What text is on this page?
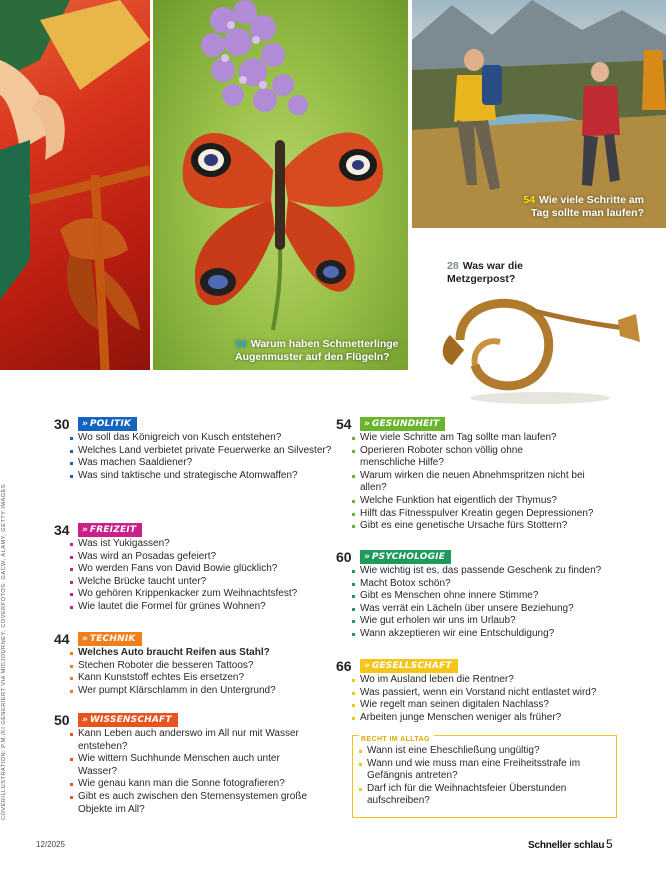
16 Warum haben Schmetterlinge Augenmuster auf den Flügeln?
54 Wie viele Schritte am Tag sollte man laufen?
28 Was war die Metzgerpost?
COVERILLUSTRATION: P.M./KI GENERIERT VIA MIDJOURNEY; COVERFOTOS: GACW, ALAMY, GETTY IMAGES
30	» POLITIK
Wo soll das Königreich von Kusch entstehen?
Welches Land verbietet private Feuerwerke an Silvester?
Was machen Saaldiener?
Was sind taktische und strategische Atomwaffen?
34	» FREIZEIT
Was ist Yukigassen?
Was wird an Posadas gefeiert?
Wo werden Fans von David Bowie glücklich?
Welche Brücke taucht unter?
Wo gehören Krippenkacker zum Weihnachtsfest?
Wie lautet die Formel für grünes Wohnen?
44	» TECHNIK
Welches Auto braucht Reifen aus Stahl?
Stechen Roboter die besseren Tattoos?
Kann Kunststoff echtes Eis ersetzen?
Wer pumpt Klärschlamm in den Untergrund?
50	» WISSENSCHAFT
Kann Leben auch anderswo im All nur mit Wasser entstehen?
Wie wittern Suchhunde Menschen auch unter Wasser?
Wie genau kann man die Sonne fotografieren?
Gibt es auch zwischen den Sternensystemen große Objekte im All?
54	» GESUNDHEIT
Wie viele Schritte am Tag sollte man laufen?
Operieren Roboter schon völlig ohne menschliche Hilfe?
Warum wirken die neuen Abnehmspritzen nicht bei allen?
Welche Funktion hat eigentlich der Thymus?
Hilft das Fitnesspulver Kreatin gegen Depressionen?
Gibt es eine genetische Ursache fürs Stottern?
60	» PSYCHOLOGIE
Wie wichtig ist es, das passende Geschenk zu finden?
Macht Botox schön?
Gibt es Menschen ohne innere Stimme?
Was verrät ein Lächeln über unsere Beziehung?
Wie gut erholen wir uns im Urlaub?
Wann akzeptieren wir eine Entschuldigung?
66	» GESELLSCHAFT
Wo im Ausland leben die Rentner?
Was passiert, wenn ein Vorstand nicht entlastet wird?
Wie regelt man seinen digitalen Nachlass?
Arbeiten junge Menschen weniger als früher?
RECHT IM ALLTAG
Wann ist eine Eheschließung ungültig?
Wann und wie muss man eine Freiheitsstrafe im Gefängnis antreten?
Darf ich für die Weihnachtsfeier Überstunden aufschreiben?
12/2025	Schneller schlau 5
